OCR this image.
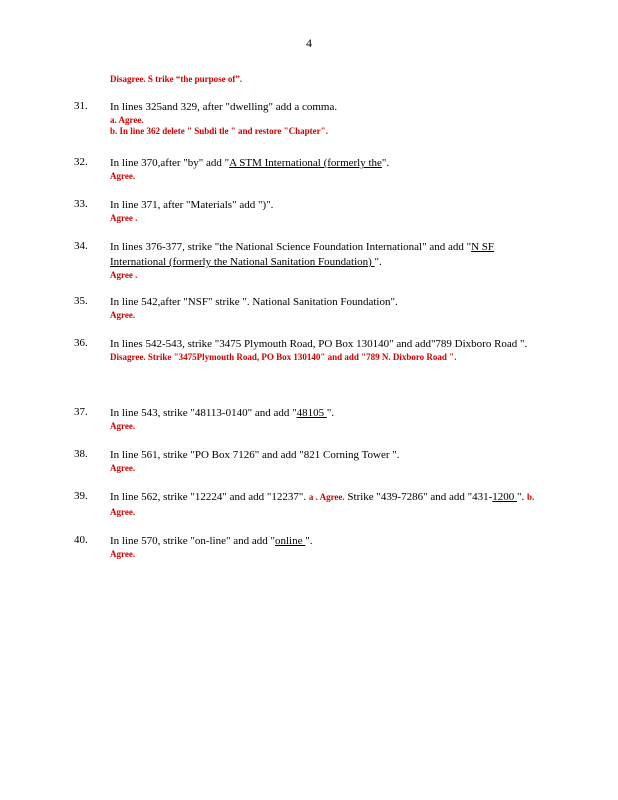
4
Disagree. S trike “the purpose of”.
31. In lines 325and 329, after "dwelling" add a comma.
a. Agree.
b. In line 362 delete " Subdi tle " and restore "Chapter".
32. In line 370,after "by" add "A STM International (formerly the".
Agree.
33. In line 371, after "Materials" add ")".
Agree .
34. In lines 376-377, strike "the National Science Foundation International" and add "N SF International (formerly the National Sanitation Foundation) ".
Agree .
35. In line 542,after "NSF" strike ". National Sanitation Foundation".
Agree.
36. In lines 542-543, strike "3475 Plymouth Road, PO Box 130140" and add"789 Dixboro Road ".
Disagree. Strike "3475Plymouth Road, PO Box 130140" and add "789 N. Dixboro Road ".
37. In line 543, strike "48113-0140" and add "48105 ".
Agree.
38. In line 561, strike "PO Box 7126" and add "821 Corning Tower ".
Agree.
39. In line 562, strike "12224" and add "12237". a . Agree. Strike "439-7286" and add "431-1200 ". b. Agree.
40. In line 570, strike "on-line" and add "online ".
Agree.
